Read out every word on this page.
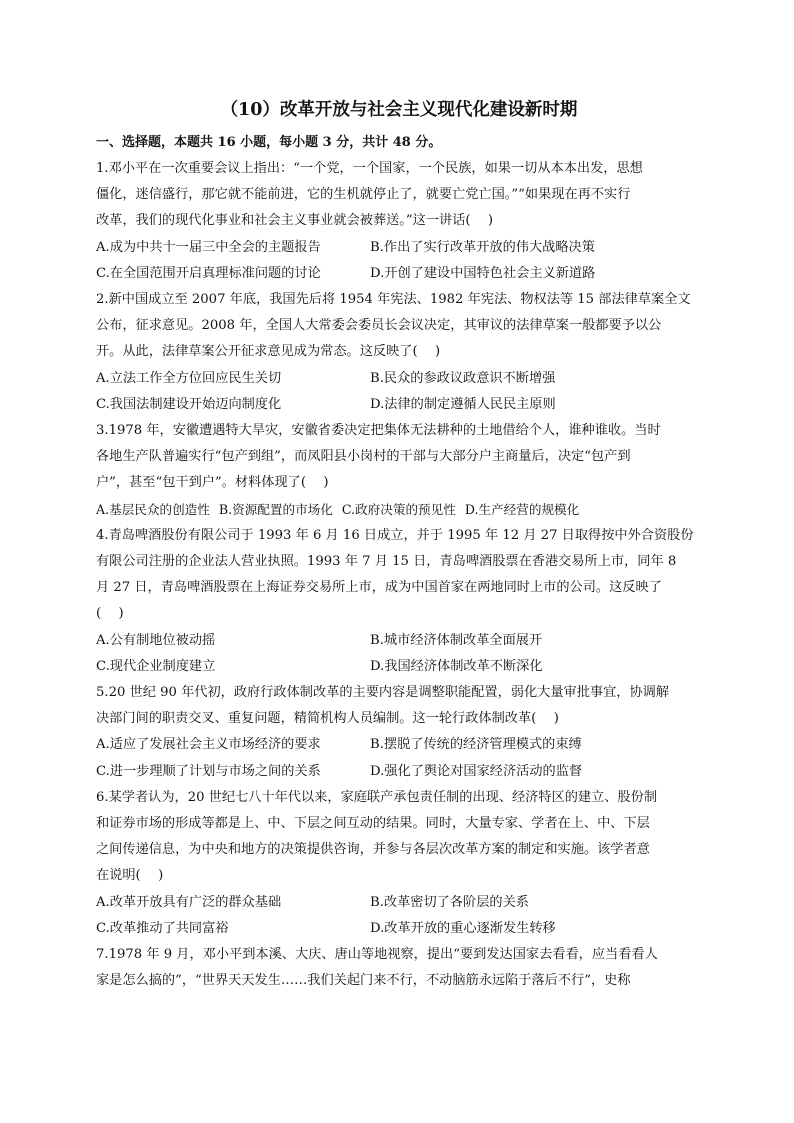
（10）改革开放与社会主义现代化建设新时期
一、选择题，本题共 16 小题，每小题 3 分，共计 48 分。
1.邓小平在一次重要会议上指出：“一个党，一个国家，一个民族，如果一切从本本出发，思想
僵化，迷信盛行，那它就不能前进，它的生机就停止了，就要亡党亡国。”“如果现在再不实行
改革，我们的现代化事业和社会主义事业就会被葬送。”这一讲话(　 )
A.成为中共十一届三中全会的主题报告	B.作出了实行改革开放的伟大战略决策
C.在全国范围开启真理标准问题的讨论	D.开创了建设中国特色社会主义新道路
2.新中国成立至 2007 年底，我国先后将 1954 年宪法、1982 年宪法、物权法等 15 部法律草案全文
公布，征求意见。2008 年，全国人大常委会委员长会议决定，其审议的法律草案一般都要予以公
开。从此，法律草案公开征求意见成为常态。这反映了(　 )
A.立法工作全方位回应民生关切	B.民众的参政议政意识不断增强
C.我国法制建设开始迈向制度化	D.法律的制定遵循人民民主原则
3.1978 年，安徽遭遇特大旱灾，安徽省委决定把集体无法耕种的土地借给个人，谁种谁收。当时
各地生产队普遍实行“包产到组”，而凤阳县小岗村的干部与大部分户主商量后，决定“包产到
户”，甚至“包干到户”。材料体现了(　 )
A.基层民众的创造性 B.资源配置的市场化 C.政府决策的预见性 D.生产经营的规模化
4.青岛啤酒股份有限公司于 1993 年 6 月 16 日成立，并于 1995 年 12 月 27 日取得按中外合资股份
有限公司注册的企业法人营业执照。1993 年 7 月 15 日，青岛啤酒股票在香港交易所上市，同年 8
月 27 日，青岛啤酒股票在上海证券交易所上市，成为中国首家在两地同时上市的公司。这反映了
(　 )
A.公有制地位被动摇	B.城市经济体制改革全面展开
C.现代企业制度建立	D.我国经济体制改革不断深化
5.20 世纪 90 年代初，政府行政体制改革的主要内容是调整职能配置，弱化大量审批事宜，协调解
决部门间的职责交叉、重复问题，精简机构人员编制。这一轮行政体制改革(　 )
A.适应了发展社会主义市场经济的要求	B.摆脱了传统的经济管理模式的束缚
C.进一步理顺了计划与市场之间的关系	D.强化了舆论对国家经济活动的监督
6.某学者认为，20 世纪七八十年代以来，家庭联产承包责任制的出现、经济特区的建立、股份制
和证券市场的形成等都是上、中、下层之间互动的结果。同时，大量专家、学者在上、中、下层
之间传递信息，为中央和地方的决策提供咨询，并参与各层次改革方案的制定和实施。该学者意
在说明(　 )
A.改革开放具有广泛的群众基础	B.改革密切了各阶层的关系
C.改革推动了共同富裕	D.改革开放的重心逐渐发生转移
7.1978 年 9 月，邓小平到本溪、大庆、唐山等地视察，提出“要到发达国家去看看，应当看看人
家是怎么搞的”，“世界天天发生……我们关起门来不行，不动脑筋永远陷于落后不行”，史称
